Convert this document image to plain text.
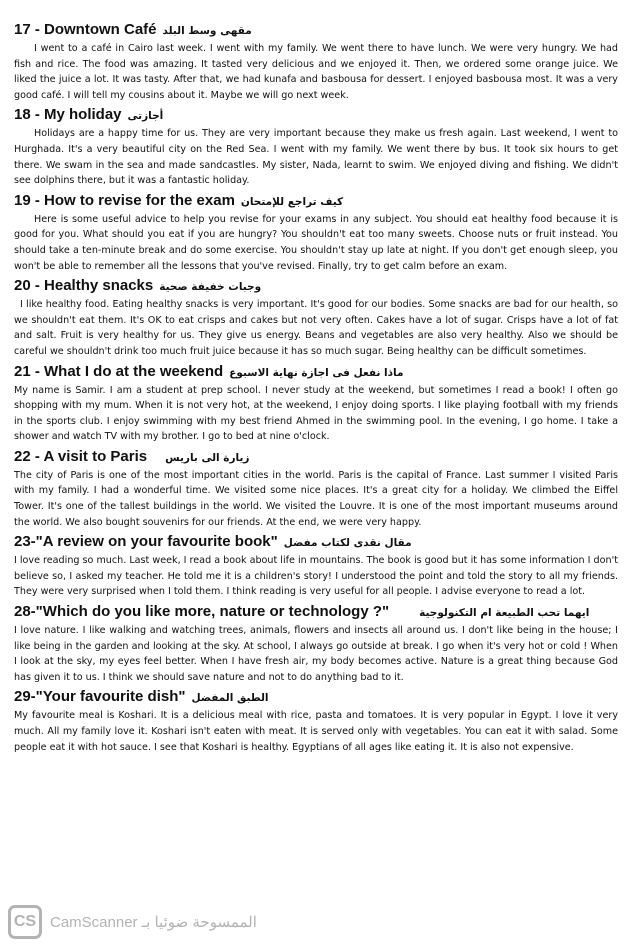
17 - Downtown Café مقهى وسط البلد

I went to a café in Cairo last week. I went with my family. We went there to have lunch. We were very hungry. We had fish and rice. The food was amazing. It tasted very delicious and we enjoyed it. Then, we ordered some orange juice. We liked the juice a lot. It was tasty. After that, we had kunafa and basbousa for dessert. I enjoyed basbousa most. It was a very good café. I will tell my cousins about it. Maybe we will go next week.

18 - My holiday أجازتى

Holidays are a happy time for us. They are very important because they make us fresh again. Last weekend, I went to Hurghada. It's a very beautiful city on the Red Sea. I went with my family. We went there by bus. It took six hours to get there. We swam in the sea and made sandcastles. My sister, Nada, learnt to swim. We enjoyed diving and fishing. We didn't see dolphins there, but it was a fantastic holiday.

19 - How to revise for the exam كيف تراجع للإمتحان

Here is some useful advice to help you revise for your exams in any subject. You should eat healthy food because it is good for you. What should you eat if you are hungry? You shouldn't eat too many sweets. Choose nuts or fruit instead. You should take a ten-minute break and do some exercise. You shouldn't stay up late at night. If you don't get enough sleep, you won't be able to remember all the lessons that you've revised. Finally, try to get calm before an exam.

20 - Healthy snacks وجبات خفيفة صحية

I like healthy food. Eating healthy snacks is very important. It's good for our bodies. Some snacks are bad for our health, so we shouldn't eat them. It's OK to eat crisps and cakes but not very often. Cakes have a lot of sugar. Crisps have a lot of fat and salt. Fruit is very healthy for us. They give us energy. Beans and vegetables are also very healthy. Also we should be careful we shouldn't drink too much fruit juice because it has so much sugar. Being healthy can be difficult sometimes.

21 - What I do at the weekend ماذا نفعل فى اجازة نهاية الاسبوع

My name is Samir. I am a student at prep school. I never study at the weekend, but sometimes I read a book! I often go shopping with my mum. When it is not very hot, at the weekend, I enjoy doing sports. I like playing football with my friends in the sports club. I enjoy swimming with my best friend Ahmed in the swimming pool. In the evening, I go home. I take a shower and watch TV with my brother. I go to bed at nine o'clock.

22 - A visit to Paris زيارة الى باريس

The city of Paris is one of the most important cities in the world. Paris is the capital of France. Last summer I visited Paris with my family. I had a wonderful time. We visited some nice places. It's a great city for a holiday. We climbed the Eiffel Tower. It's one of the tallest buildings in the world. We visited the Louvre. It is one of the most important museums around the world. We also bought souvenirs for our friends. At the end, we were very happy.

23-"A review on your favourite book" مقال نقدى لكتاب مفضل

I love reading so much. Last week, I read a book about life in mountains. The book is good but it has some information I don't believe so, I asked my teacher. He told me it is a children's story! I understood the point and told the story to all my friends. They were very surprised when I told them. I think reading is very useful for all people. I advise everyone to read a lot.

28-"Which do you like more, nature or technology ?"	ايهما تحب الطبيعة ام التكنولوجية

I love nature. I like walking and watching trees, animals, flowers and insects all around us. I don't like being in the house; I like being in the garden and looking at the sky. At school, I always go outside at break. I go when it's very hot or cold ! When I look at the sky, my eyes feel better. When I have fresh air, my body becomes active. Nature is a great thing because God has given it to us. I think we should save nature and not to do anything bad to it.

29-"Your favourite dish" الطبق المفضل

My favourite meal is Koshari. It is a delicious meal with rice, pasta and tomatoes. It is very popular in Egypt. I love it very much. All my family love it. Koshari isn't eaten with meat. It is served only with vegetables. You can eat it with salad. Some people eat it with hot sauce. I see that Koshari is healthy. Egyptians of all ages like eating it. It is also not expensive.

CS CamScanner الممسوحة ضوئيا بـ
